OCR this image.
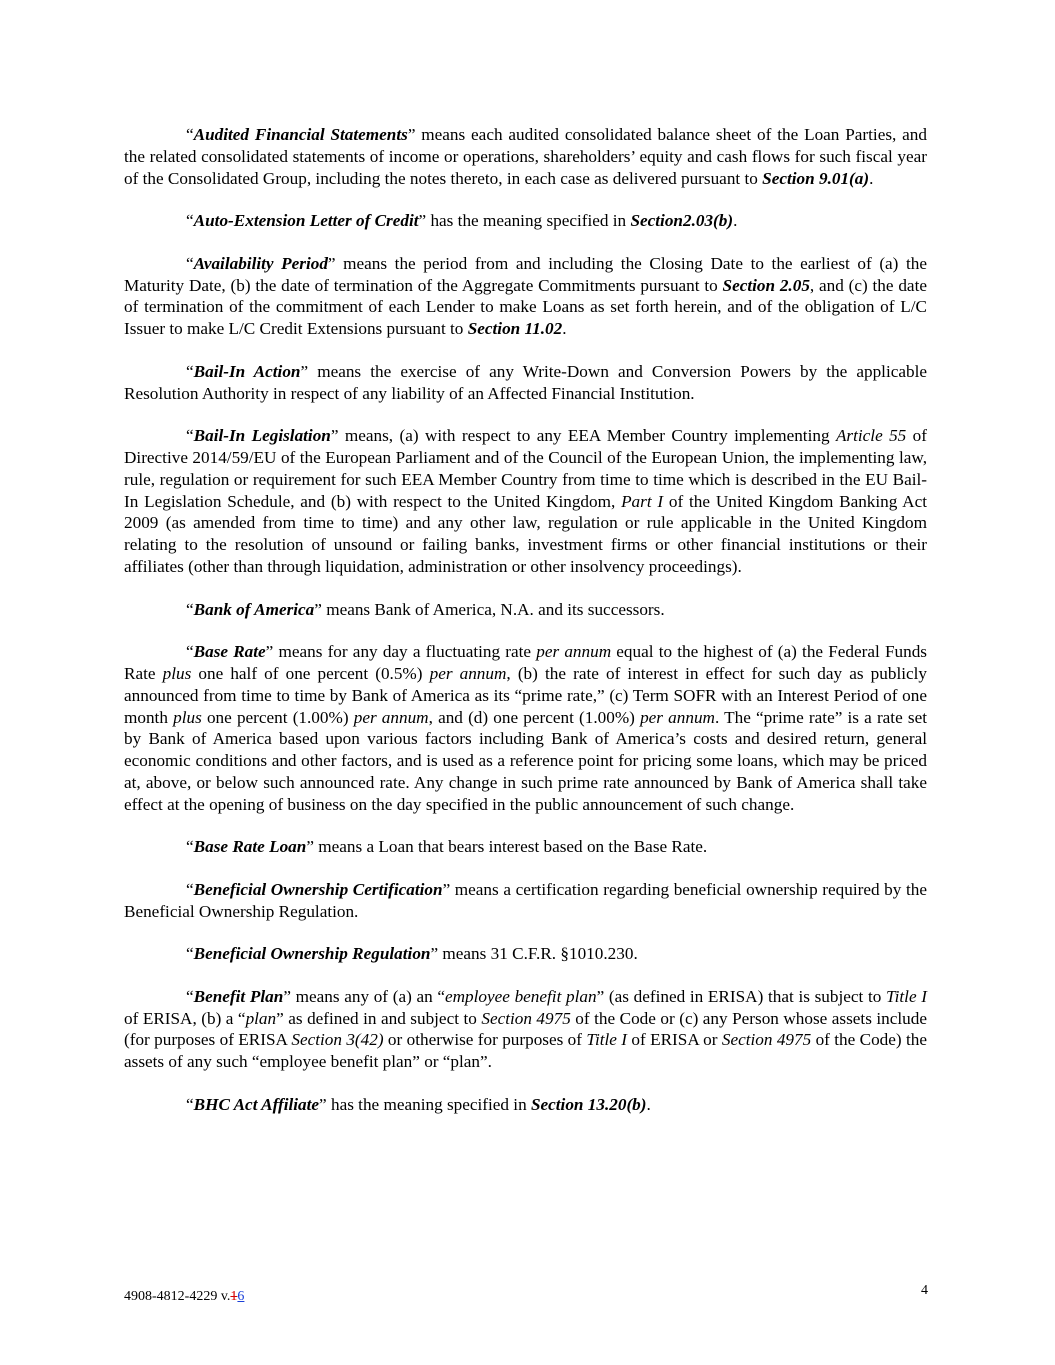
“Audited Financial Statements” means each audited consolidated balance sheet of the Loan Parties, and the related consolidated statements of income or operations, shareholders’ equity and cash flows for such fiscal year of the Consolidated Group, including the notes thereto, in each case as delivered pursuant to Section 9.01(a).

“Auto-Extension Letter of Credit” has the meaning specified in Section2.03(b).

“Availability Period” means the period from and including the Closing Date to the earliest of (a) the Maturity Date, (b) the date of termination of the Aggregate Commitments pursuant to Section 2.05, and (c) the date of termination of the commitment of each Lender to make Loans as set forth herein, and of the obligation of L/C Issuer to make L/C Credit Extensions pursuant to Section 11.02.

“Bail-In Action” means the exercise of any Write-Down and Conversion Powers by the applicable Resolution Authority in respect of any liability of an Affected Financial Institution.

“Bail-In Legislation” means, (a) with respect to any EEA Member Country implementing Article 55 of Directive 2014/59/EU of the European Parliament and of the Council of the European Union, the implementing law, rule, regulation or requirement for such EEA Member Country from time to time which is described in the EU Bail-In Legislation Schedule, and (b) with respect to the United Kingdom, Part I of the United Kingdom Banking Act 2009 (as amended from time to time) and any other law, regulation or rule applicable in the United Kingdom relating to the resolution of unsound or failing banks, investment firms or other financial institutions or their affiliates (other than through liquidation, administration or other insolvency proceedings).

“Bank of America” means Bank of America, N.A. and its successors.

“Base Rate” means for any day a fluctuating rate per annum equal to the highest of (a) the Federal Funds Rate plus one half of one percent (0.5%) per annum, (b) the rate of interest in effect for such day as publicly announced from time to time by Bank of America as its “prime rate,” (c) Term SOFR with an Interest Period of one month plus one percent (1.00%) per annum, and (d) one percent (1.00%) per annum. The “prime rate” is a rate set by Bank of America based upon various factors including Bank of America’s costs and desired return, general economic conditions and other factors, and is used as a reference point for pricing some loans, which may be priced at, above, or below such announced rate. Any change in such prime rate announced by Bank of America shall take effect at the opening of business on the day specified in the public announcement of such change.

“Base Rate Loan” means a Loan that bears interest based on the Base Rate.

“Beneficial Ownership Certification” means a certification regarding beneficial ownership required by the Beneficial Ownership Regulation.

“Beneficial Ownership Regulation” means 31 C.F.R. §1010.230.

“Benefit Plan” means any of (a) an “employee benefit plan” (as defined in ERISA) that is subject to Title I of ERISA, (b) a “plan” as defined in and subject to Section 4975 of the Code or (c) any Person whose assets include (for purposes of ERISA Section 3(42) or otherwise for purposes of Title I of ERISA or Section 4975 of the Code) the assets of any such “employee benefit plan” or “plan”.

“BHC Act Affiliate” has the meaning specified in Section 13.20(b).

4908-4812-4229 v.16	4
